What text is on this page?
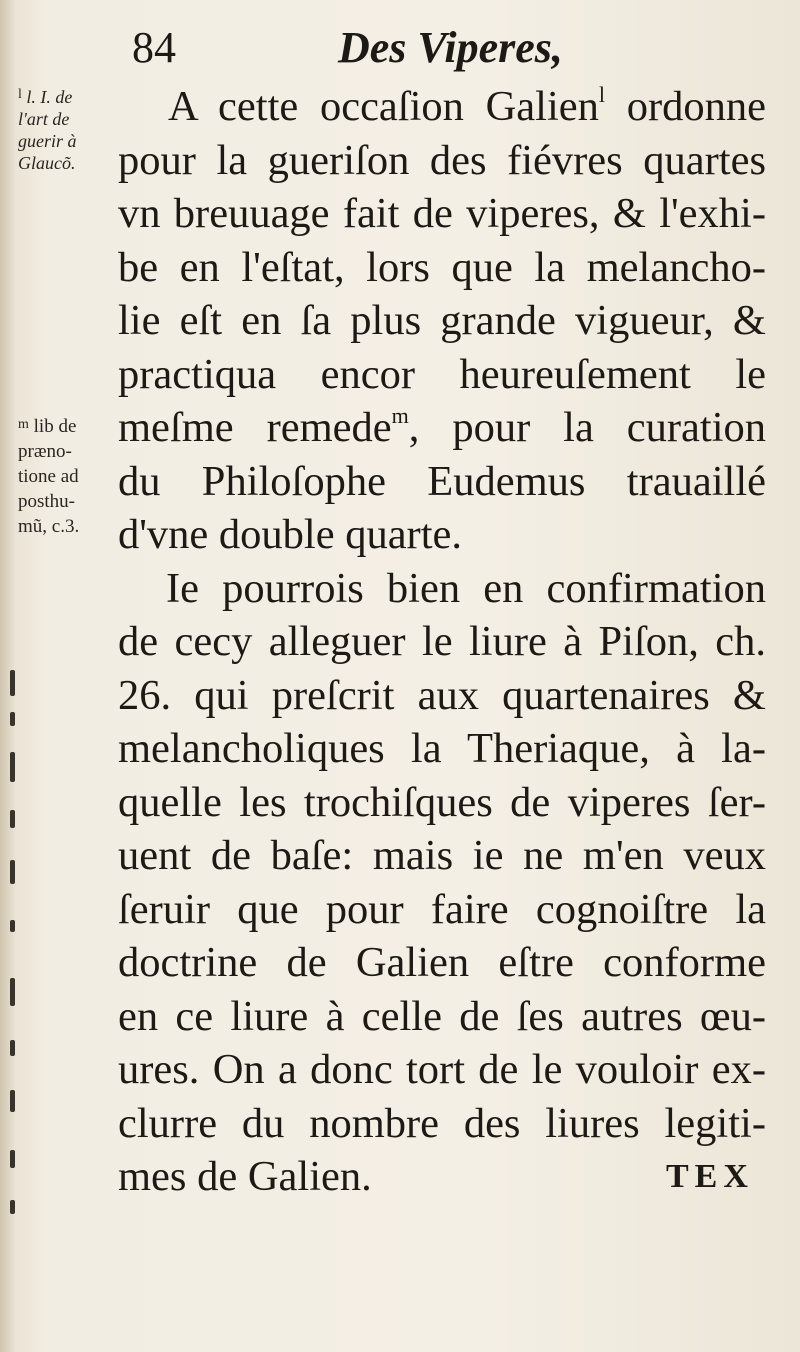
84	Des Viperes,
$^l$ l. I. de
l'art de
guerir à
Glaucõ.
$^m$ lib de
præno-
tione ad
posthu-
mũ, c.3.
A cette occaſion Galien$^l$ ordonne
pour la gueriſon des fiévres quartes
vn breuuage fait de viperes, & l'exhi-
be en l'eſtat, lors que la melancho-
lie eſt en ſa plus grande vigueur, &
practiqua encor heureuſement le
meſme remede$^m$, pour la curation
du Philoſophe Eudemus trauaillé
d'vne double quarte.
Ie pourrois bien en confirmation
de cecy alleguer le liure à Piſon, ch.
26. qui preſcrit aux quartenaires &
melancholiques la Theriaque, à la-
quelle les trochiſques de viperes ſer-
uent de baſe: mais ie ne m'en veux
ſeruir que pour faire cognoiſtre la
doctrine de Galien eſtre conforme
en ce liure à celle de ſes autres œu-
ures. On a donc tort de le vouloir ex-
clurre du nombre des liures legiti-
mes de Galien.	TEX
